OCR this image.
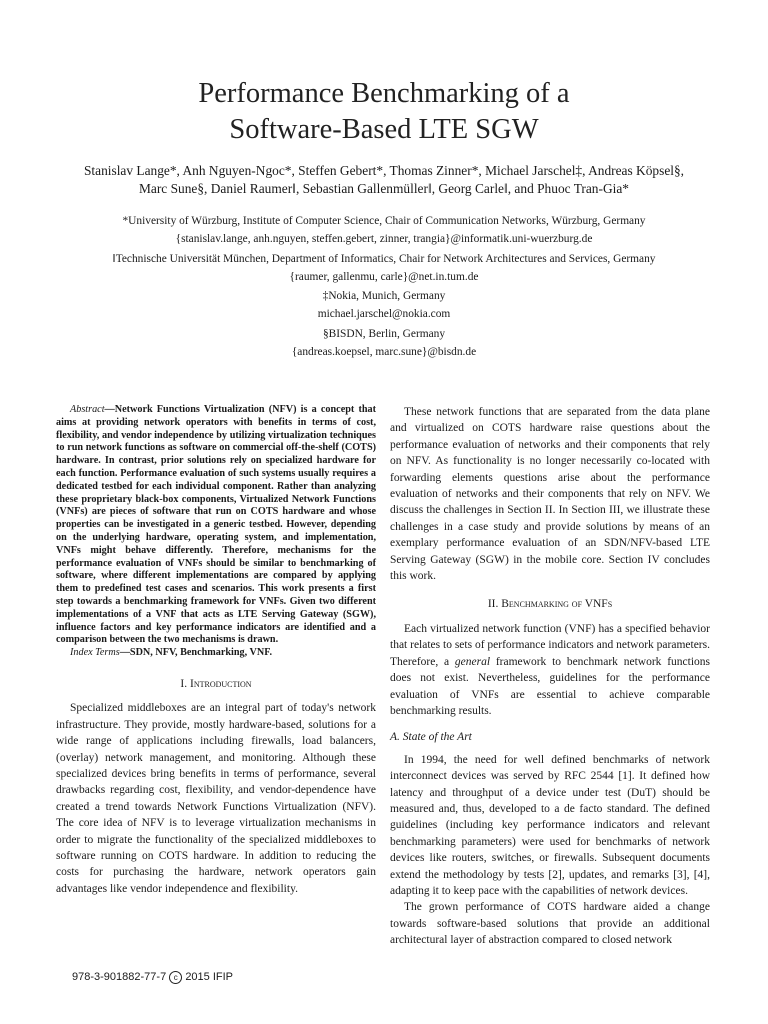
Performance Benchmarking of a
Software-Based LTE SGW
Stanislav Lange*, Anh Nguyen-Ngoc*, Steffen Gebert*, Thomas Zinner*, Michael Jarschel‡, Andreas Köpsel§,
Marc Sune§, Daniel Raumer‖, Sebastian Gallenmüller‖, Georg Carle‖, and Phuoc Tran-Gia*
*University of Würzburg, Institute of Computer Science, Chair of Communication Networks, Würzburg, Germany
{stanislav.lange, anh.nguyen, steffen.gebert, zinner, trangia}@informatik.uni-wuerzburg.de
‖Technische Universität München, Department of Informatics, Chair for Network Architectures and Services, Germany
{raumer, gallenmu, carle}@net.in.tum.de
‡Nokia, Munich, Germany
michael.jarschel@nokia.com
§BISDN, Berlin, Germany
{andreas.koepsel, marc.sune}@bisdn.de

Abstract—Network Functions Virtualization (NFV) is a concept that aims at providing network operators with benefits in terms of cost, flexibility, and vendor independence by utilizing virtualization techniques to run network functions as software on commercial off-the-shelf (COTS) hardware. In contrast, prior solutions rely on specialized hardware for each function. Performance evaluation of such systems usually requires a dedicated testbed for each individual component. Rather than analyzing these proprietary black-box components, Virtualized Network Functions (VNFs) are pieces of software that run on COTS hardware and whose properties can be investigated in a generic testbed. However, depending on the underlying hardware, operating system, and implementation, VNFs might behave differently. Therefore, mechanisms for the performance evaluation of VNFs should be similar to benchmarking of software, where different implementations are compared by applying them to predefined test cases and scenarios. This work presents a first step towards a benchmarking framework for VNFs. Given two different implementations of a VNF that acts as LTE Serving Gateway (SGW), influence factors and key performance indicators are identified and a comparison between the two mechanisms is drawn.

Index Terms—SDN, NFV, Benchmarking, VNF.

I. Introduction

Specialized middleboxes are an integral part of today's network infrastructure. They provide, mostly hardware-based, solutions for a wide range of applications including firewalls, load balancers, (overlay) network management, and monitoring. Although these specialized devices bring benefits in terms of performance, several drawbacks regarding cost, flexibility, and vendor-dependence have created a trend towards Network Functions Virtualization (NFV). The core idea of NFV is to leverage virtualization mechanisms in order to migrate the functionality of the specialized middleboxes to software running on COTS hardware. In addition to reducing the costs for purchasing the hardware, network operators gain advantages like vendor independence and flexibility.

These network functions that are separated from the data plane and virtualized on COTS hardware raise questions about the performance evaluation of networks and their components that rely on NFV. As functionality is no longer necessarily co-located with forwarding elements questions arise about the performance evaluation of networks and their components that rely on NFV. We discuss the challenges in Section II. In Section III, we illustrate these challenges in a case study and provide solutions by means of an exemplary performance evaluation of an SDN/NFV-based LTE Serving Gateway (SGW) in the mobile core. Section IV concludes this work.

II. Benchmarking of VNFs

Each virtualized network function (VNF) has a specified behavior that relates to sets of performance indicators and network parameters. Therefore, a general framework to benchmark network functions does not exist. Nevertheless, guidelines for the performance evaluation of VNFs are essential to achieve comparable benchmarking results.

A. State of the Art

In 1994, the need for well defined benchmarks of network interconnect devices was served by RFC 2544 [1]. It defined how latency and throughput of a device under test (DuT) should be measured and, thus, developed to a de facto standard. The defined guidelines (including key performance indicators and relevant benchmarking parameters) were used for benchmarks of network devices like routers, switches, or firewalls. Subsequent documents extend the methodology by tests [2], updates, and remarks [3], [4], adapting it to keep pace with the capabilities of network devices.

The grown performance of COTS hardware aided a change towards software-based solutions that provide an additional architectural layer of abstraction compared to closed network

978-3-901882-77-7 c 2015 IFIP
